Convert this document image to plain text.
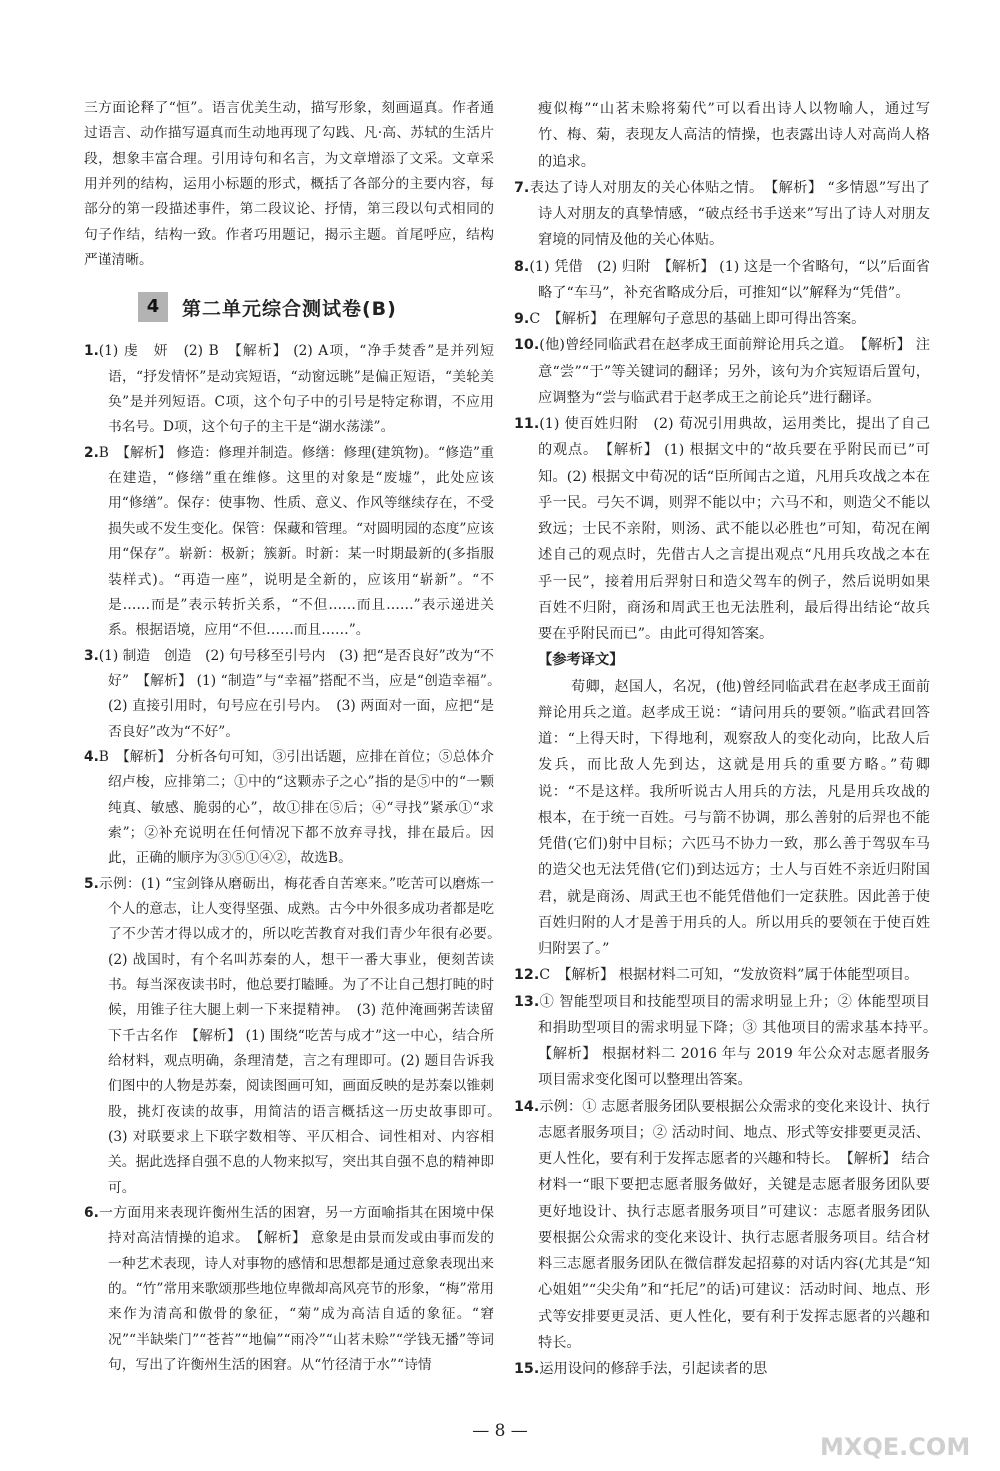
三方面论释了“恒”。语言优美生动，描写形象，刻画逼真。作者通过语言、动作描写逼真而生动地再现了勾践、凡·高、苏轼的生活片段，想象丰富合理。引用诗句和名言，为文章增添了文采。文章采用并列的结构，运用小标题的形式，概括了各部分的主要内容，每部分的第一段描述事件，第二段议论、抒情，第三段以句式相同的句子作结，结构一致。作者巧用题记，揭示主题。首尾呼应，结构严谨清晰。

4	第二单元综合测试卷(B)

1.(1) 虔　妍　(2) B　【解析】 (2) A项，“净手焚香”是并列短语，“抒发情怀”是动宾短语，“动窗远眺”是偏正短语，“美轮美奂”是并列短语。C项，这个句子中的引号是特定称谓，不应用书名号。D项，这个句子的主干是“湖水荡漾”。

2.B　【解析】 修造：修理并制造。修缮：修理(建筑物)。“修造”重在建造，“修缮”重在维修。这里的对象是“废墟”，此处应该用“修缮”。保存：使事物、性质、意义、作风等继续存在，不受损失或不发生变化。保管：保藏和管理。“对圆明园的态度”应该用“保存”。崭新：极新；簇新。时新：某一时期最新的(多指服装样式)。“再造一座”，说明是全新的，应该用“崭新”。“不是……而是”表示转折关系，“不但……而且……”表示递进关系。根据语境，应用“不但……而且……”。

3.(1) 制造　创造　(2) 句号移至引号内　(3) 把“是否良好”改为“不好”　【解析】 (1) “制造”与“幸福”搭配不当，应是“创造幸福”。　(2) 直接引用时，句号应在引号内。　(3) 两面对一面，应把“是否良好”改为“不好”。

4.B　【解析】 分析各句可知，③引出话题，应排在首位；⑤总体介绍卢梭，应排第二；①中的“这颗赤子之心”指的是⑤中的“一颗纯真、敏感、脆弱的心”，故①排在⑤后；④“寻找”紧承①“求索”；②补充说明在任何情况下都不放弃寻找，排在最后。因此，正确的顺序为③⑤①④②，故选B。

5.示例：(1) “宝剑锋从磨砺出，梅花香自苦寒来。”吃苦可以磨炼一个人的意志，让人变得坚强、成熟。古今中外很多成功者都是吃了不少苦才得以成才的，所以吃苦教育对我们青少年很有必要。　(2) 战国时，有个名叫苏秦的人，想干一番大事业，便刻苦读书。每当深夜读书时，他总要打瞌睡。为了不让自己想打盹的时候，用锥子往大腿上刺一下来提精神。　(3) 范仲淹画粥苦读留下千古名作　【解析】 (1) 围绕“吃苦与成才”这一中心，结合所给材料，观点明确，条理清楚，言之有理即可。(2) 题目告诉我们图中的人物是苏秦，阅读图画可知，画面反映的是苏秦以锥刺股，挑灯夜读的故事，用简洁的语言概括这一历史故事即可。　(3) 对联要求上下联字数相等、平仄相合、词性相对、内容相关。据此选择自强不息的人物来拟写，突出其自强不息的精神即可。

6.一方面用来表现许衡州生活的困窘，另一方面喻指其在困境中保持对高洁情操的追求。　【解析】 意象是由景而发或由事而发的一种艺术表现，诗人对事物的感情和思想都是通过意象表现出来的。“竹”常用来歌颂那些地位卑微却高风亮节的形象，“梅”常用来作为清高和傲骨的象征，“菊”成为高洁自适的象征。“窘况”“半缺柴门”“苍苔”“地偏”“雨冷”“山茗未赊”“学钱无播”等词句，写出了许衡州生活的困窘。从“竹径清于水”“诗情

瘦似梅”“山茗未赊将菊代”可以看出诗人以物喻人，通过写竹、梅、菊，表现友人高洁的情操，也表露出诗人对高尚人格的追求。

7.表达了诗人对朋友的关心体贴之情。　【解析】 “多情恩”写出了诗人对朋友的真挚情感，“破点经书手送来”写出了诗人对朋友窘境的同情及他的关心体贴。

8.(1) 凭借　(2) 归附　【解析】 (1) 这是一个省略句，“以”后面省略了“车马”，补充省略成分后，可推知“以”解释为“凭借”。

9.C　【解析】 在理解句子意思的基础上即可得出答案。

10.(他)曾经同临武君在赵孝成王面前辩论用兵之道。　【解析】 注意“尝”“于”等关键词的翻译；另外，该句为介宾短语后置句，应调整为“尝与临武君于赵孝成王之前论兵”进行翻译。

11.(1) 使百姓归附　(2) 荀况引用典故，运用类比，提出了自己的观点。　【解析】 (1) 根据文中的“故兵要在乎附民而已”可知。(2) 根据文中荀况的话“臣所闻古之道，凡用兵攻战之本在乎一民。弓矢不调，则羿不能以中；六马不和，则造父不能以致远；士民不亲附，则汤、武不能以必胜也”可知，荀况在阐述自己的观点时，先借古人之言提出观点“凡用兵攻战之本在乎一民”，接着用后羿射日和造父驾车的例子，然后说明如果百姓不归附，商汤和周武王也无法胜利，最后得出结论“故兵要在乎附民而已”。由此可得知答案。

【参考译文】

荀卿，赵国人，名况，(他)曾经同临武君在赵孝成王面前辩论用兵之道。赵孝成王说：“请问用兵的要领。”临武君回答道：“上得天时，下得地利，观察敌人的变化动向，比敌人后发兵，而比敌人先到达，这就是用兵的重要方略。”荀卿说：“不是这样。我所听说古人用兵的方法，凡是用兵攻战的根本，在于统一百姓。弓与箭不协调，那么善射的后羿也不能凭借(它们)射中目标；六匹马不协力一致，那么善于驾驭车马的造父也无法凭借(它们)到达远方；士人与百姓不亲近归附国君，就是商汤、周武王也不能凭借他们一定获胜。因此善于使百姓归附的人才是善于用兵的人。所以用兵的要领在于使百姓归附罢了。”

12.C　【解析】 根据材料二可知，“发放资料”属于体能型项目。

13.① 智能型项目和技能型项目的需求明显上升；② 体能型项目和捐助型项目的需求明显下降；③ 其他项目的需求基本持平。　【解析】 根据材料二 2016 年与 2019 年公众对志愿者服务项目需求变化图可以整理出答案。

14.示例：① 志愿者服务团队要根据公众需求的变化来设计、执行志愿者服务项目；② 活动时间、地点、形式等安排要更灵活、更人性化，要有利于发挥志愿者的兴趣和特长。　【解析】 结合材料一“眼下要把志愿者服务做好，关键是志愿者服务团队要更好地设计、执行志愿者服务项目”可建议：志愿者服务团队要根据公众需求的变化来设计、执行志愿者服务项目。结合材料三志愿者服务团队在微信群发起招募的对话内容(尤其是“知心姐姐”“尖尖角”和“托尼”的话)可建议：活动时间、地点、形式等安排要更灵活、更人性化，要有利于发挥志愿者的兴趣和特长。

15.运用设问的修辞手法，引起读者的思

— 8 —
MXQE.COM
